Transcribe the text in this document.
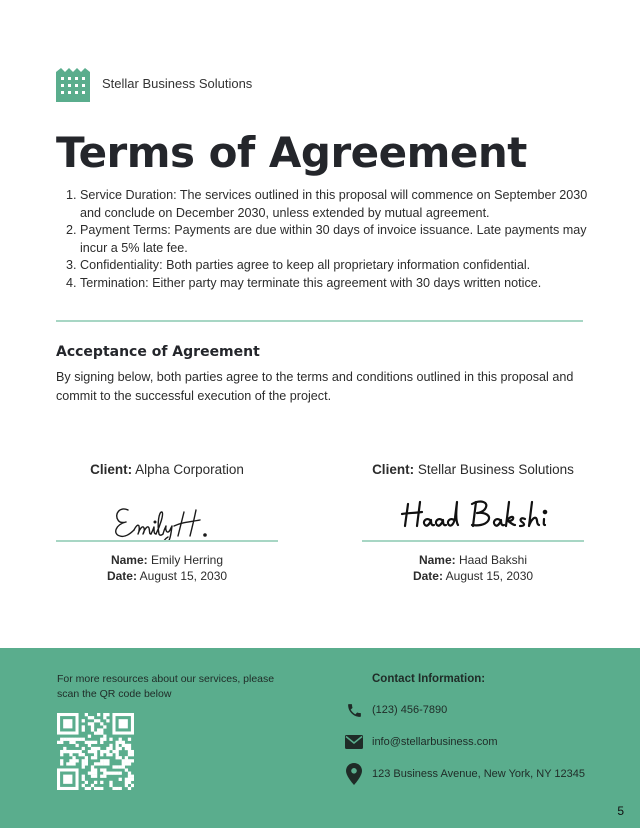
Stellar Business Solutions
Terms of Agreement
1. Service Duration: The services outlined in this proposal will commence on September 2030 and conclude on December 2030, unless extended by mutual agreement.
2. Payment Terms: Payments are due within 30 days of invoice issuance. Late payments may incur a 5% late fee.
3. Confidentiality: Both parties agree to keep all proprietary information confidential.
4. Termination: Either party may terminate this agreement with 30 days written notice.
Acceptance of Agreement

By signing below, both parties agree to the terms and conditions outlined in this proposal and commit to the successful execution of the project.

Client: Alpha Corporation
Name: Emily Herring
Date: August 15, 2030
Client: Stellar Business Solutions
Name: Haad Bakshi
Date: August 15, 2030

For more resources about our services, please scan the QR code below

Contact Information:

(123) 456-7890
info@stellarbusiness.com
123 Business Avenue, New York, NY 12345
5
